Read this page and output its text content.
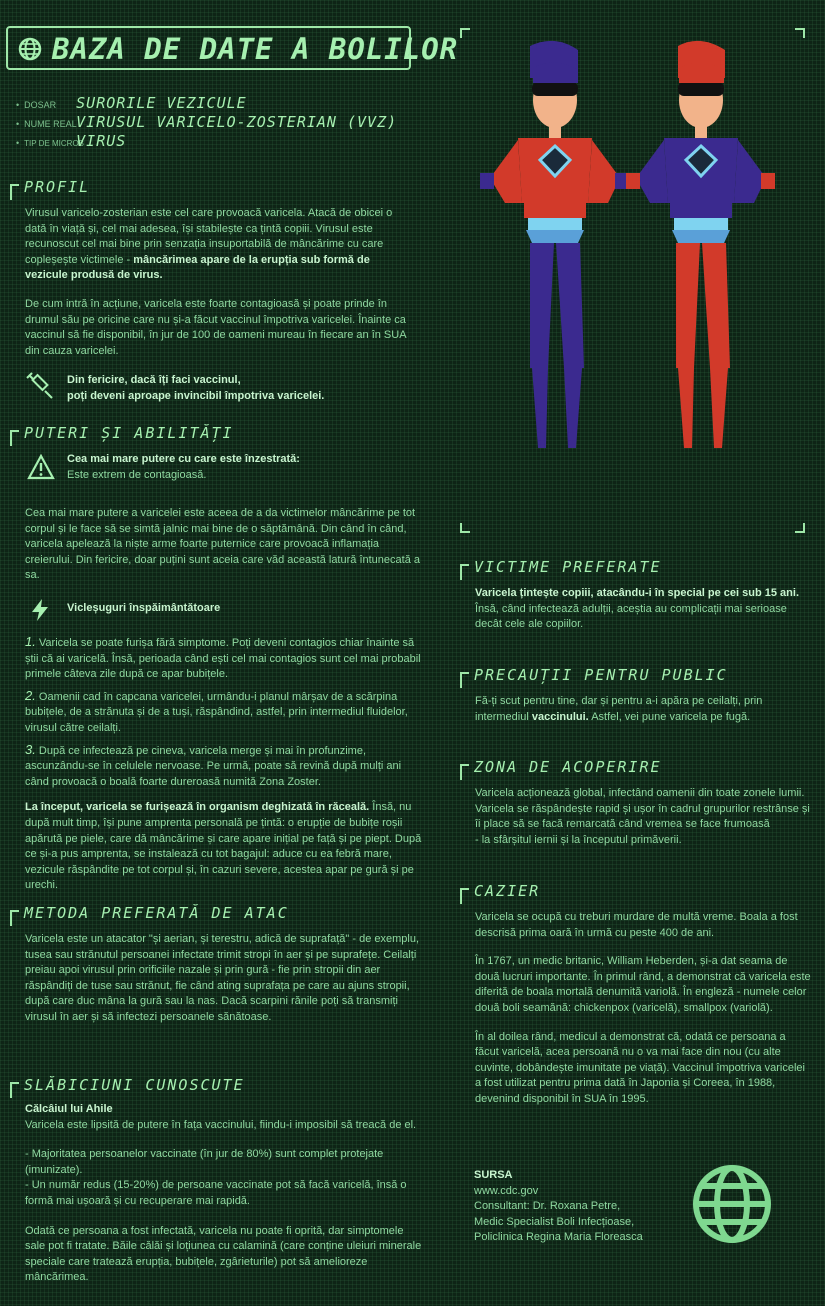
BAZA DE DATE A BOLILOR
• DOSAR SURORILE VEZICULE
• NUME REALVIRUSUL VARICELO-ZOSTERIAN (VVZ)
• TIP DE MICROBVIRUS
PROFIL
Virusul varicelo-zosterian este cel care provoacă varicela. Atacă de obicei o dată în viață și, cel mai adesea, își stabilește ca țintă copiii. Virusul este recunoscut cel mai bine prin senzația insuportabilă de mâncărime cu care copleșește victimele - mâncărimea apare de la erupția sub formă de vezicule produsă de virus.
De cum intră în acțiune, varicela este foarte contagioasă și poate prinde în drumul său pe oricine care nu și-a făcut vaccinul împotriva varicelei. Înainte ca vaccinul să fie disponibil, în jur de 100 de oameni mureau în fiecare an în SUA din cauza varicelei.
Din fericire, dacă îți faci vaccinul,
poți deveni aproape invincibil împotriva varicelei.
PUTERI ȘI ABILITĂȚI
Cea mai mare putere cu care este înzestrată:
Este extrem de contagioasă.
Cea mai mare putere a varicelei este aceea de a da victimelor mâncărime pe tot corpul și le face să se simtă jalnic mai bine de o săptămână. Din când în când, varicela apelează la niște arme foarte puternice care provoacă inflamația creierului. Din fericire, doar puțini sunt aceia care văd această latură întunecată a sa.
Vicleșuguri înspăimântătoare
1. Varicela se poate furișa fără simptome. Poți deveni contagios chiar înainte să știi că ai varicelă. Însă, perioada când ești cel mai contagios sunt cel mai probabil primele câteva zile după ce apar bubițele.
2. Oamenii cad în capcana varicelei, urmându-i planul mârșav de a scărpina bubițele, de a strănuta și de a tuși, răspândind, astfel, prin intermediul fluidelor, virusul către ceilalți.
3. După ce infectează pe cineva, varicela merge și mai în profunzime, ascunzându-se în celulele nervoase. Pe urmă, poate să revină după mulți ani când provoacă o boală foarte dureroasă numită Zona Zoster.
La început, varicela se furișează în organism deghizată în răceală. Însă, nu după mult timp, își pune amprenta personală pe țintă: o erupție de bubițe roșii apărută pe piele, care dă mâncărime și care apare inițial pe față și pe piept. După ce și-a pus amprenta, se instalează cu tot bagajul: aduce cu ea febră mare, vezicule răspândite pe tot corpul și, în cazuri severe, acestea apar pe gură și pe urechi.
METODA PREFERATĂ DE ATAC
Varicela este un atacator "și aerian, și terestru, adică de suprafață" - de exemplu, tusea sau strănutul persoanei infectate trimit stropi în aer și pe suprafețe. Ceilalți preiau apoi virusul prin orificiile nazale și prin gură - fie prin stropii din aer răspândiți de tuse sau strănut, fie când ating suprafața pe care au ajuns stropii, după care duc mâna la gură sau la nas. Dacă scarpini rănile poți să transmiți virusul în aer și să infectezi persoanele sănătoase.
SLĂBICIUNI CUNOSCUTE
Călcâiul lui Ahile
Varicela este lipsită de putere în fața vaccinului, fiindu-i imposibil să treacă de el.
- Majoritatea persoanelor vaccinate (în jur de 80%) sunt complet protejate (imunizate).
- Un număr redus (15-20%) de persoane vaccinate pot să facă varicelă, însă o formă mai ușoară și cu recuperare mai rapidă.
Odată ce persoana a fost infectată, varicela nu poate fi oprită, dar simptomele sale pot fi tratate. Băile călăi și loțiunea cu calamină (care conține uleiuri minerale speciale care tratează erupția, bubițele, zgârieturile) pot să amelioreze mâncărimea.
VICTIME PREFERATE
Varicela țintește copiii, atacându-i în special pe cei sub 15 ani. Însă, când infectează adulții, aceștia au complicații mai serioase decât cele ale copiilor.
PRECAUȚII PENTRU PUBLIC
Fă-ți scut pentru tine, dar și pentru a-i apăra pe ceilalți, prin intermediul vaccinului. Astfel, vei pune varicela pe fugă.
ZONA DE ACOPERIRE
Varicela acționează global, infectând oamenii din toate zonele lumii. Varicela se răspândește rapid și ușor în cadrul grupurilor restrânse și îi place să se facă remarcată când vremea se face frumoasă
- la sfârșitul iernii și la începutul primăverii.
CAZIER
Varicela se ocupă cu treburi murdare de multă vreme. Boala a fost descrisă prima oară în urmă cu peste 400 de ani.
În 1767, un medic britanic, William Heberden, și-a dat seama de două lucruri importante. În primul rând, a demonstrat că varicela este diferită de boala mortală denumită variolă. În engleză - numele celor două boli seamănă: chickenpox (varicelă), smallpox (variolă).
În al doilea rând, medicul a demonstrat că, odată ce persoana a făcut varicelă, acea persoană nu o va mai face din nou (cu alte cuvinte, dobândește imunitate pe viață). Vaccinul împotriva varicelei a fost utilizat pentru prima dată în Japonia și Coreea, în 1988, devenind disponibil în SUA în 1995.
SURSA
www.cdc.gov
Consultant: Dr. Roxana Petre,
Medic Specialist Boli Infecțioase,
Policlinica Regina Maria Floreasca
